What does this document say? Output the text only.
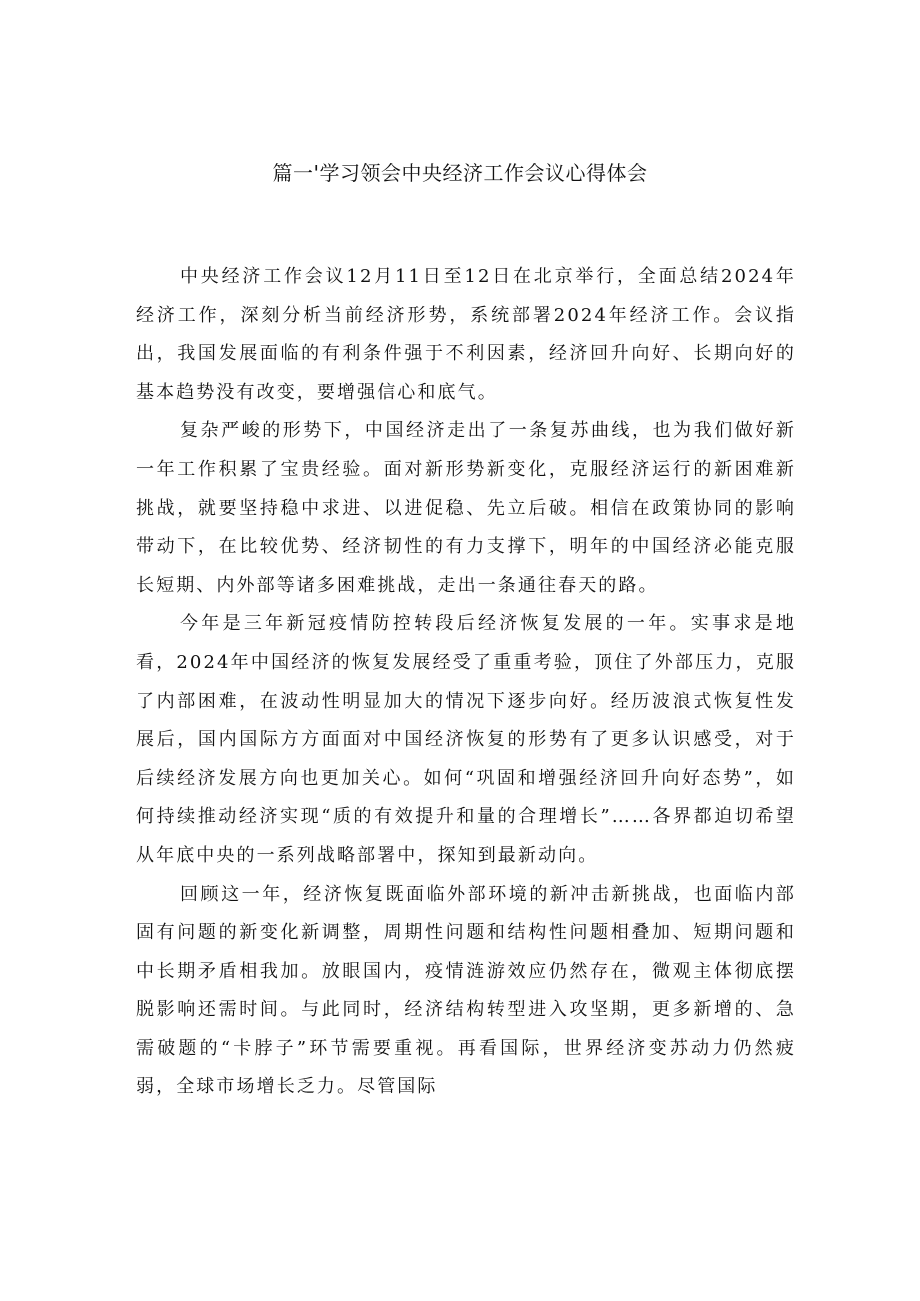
篇一'学习领会中央经济工作会议心得体会

中央经济工作会议12月11日至12日在北京举行，全面总结2024年经济工作，深刻分析当前经济形势，系统部署2024年经济工作。会议指出，我国发展面临的有利条件强于不利因素，经济回升向好、长期向好的基本趋势没有改变，要增强信心和底气。

复杂严峻的形势下，中国经济走出了一条复苏曲线，也为我们做好新一年工作积累了宝贵经验。面对新形势新变化，克服经济运行的新困难新挑战，就要坚持稳中求进、以进促稳、先立后破。相信在政策协同的影响带动下，在比较优势、经济韧性的有力支撑下，明年的中国经济必能克服长短期、内外部等诸多困难挑战，走出一条通往春天的路。

今年是三年新冠疫情防控转段后经济恢复发展的一年。实事求是地看，2024年中国经济的恢复发展经受了重重考验，顶住了外部压力，克服了内部困难，在波动性明显加大的情况下逐步向好。经历波浪式恢复性发展后，国内国际方方面面对中国经济恢复的形势有了更多认识感受，对于后续经济发展方向也更加关心。如何“巩固和增强经济回升向好态势”，如何持续推动经济实现“质的有效提升和量的合理增长”……各界都迫切希望从年底中央的一系列战略部署中，探知到最新动向。

回顾这一年，经济恢复既面临外部环境的新冲击新挑战，也面临内部固有问题的新变化新调整，周期性问题和结构性问题相叠加、短期问题和中长期矛盾相我加。放眼国内，疫情涟游效应仍然存在，微观主体彻底摆脱影响还需时间。与此同时，经济结构转型进入攻坚期，更多新增的、急需破题的“卡脖子”环节需要重视。再看国际，世界经济变苏动力仍然疲弱，全球市场增长乏力。尽管国际
